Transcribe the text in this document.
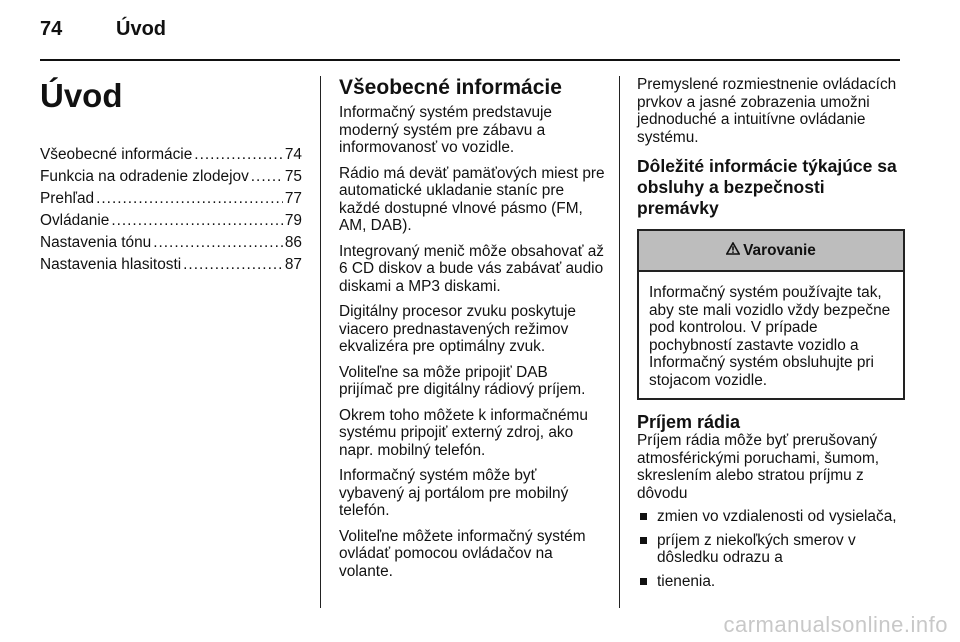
74	Úvod
Úvod
Všeobecné informácie .....	74
Funkcia na odradenie zlodejov ..... 75
Prehľad .....	77
Ovládanie .....	79
Nastavenia tónu .....	86
Nastavenia hlasitosti .....	87
Všeobecné informácie

Informačný systém predstavuje moderný systém pre zábavu a informovanosť vo vozidle.

Rádio má deväť pamäťových miest pre automatické ukladanie staníc pre každé dostupné vlnové pásmo (FM, AM, DAB).

Integrovaný menič môže obsahovať až 6 CD diskov a bude vás zabávať audio diskami a MP3 diskami.

Digitálny procesor zvuku poskytuje viacero prednastavených režimov ekvalizéra pre optimálny zvuk.

Voliteľne sa môže pripojiť DAB prijímač pre digitálny rádiový príjem.

Okrem toho môžete k informačnému systému pripojiť externý zdroj, ako napr. mobilný telefón.

Informačný systém môže byť vybavený aj portálom pre mobilný telefón.

Voliteľne môžete informačný systém ovládať pomocou ovládačov na volante.

Premyslené rozmiestnenie ovládacích prvkov a jasné zobrazenia umožni jednoduché a intuitívne ovládanie systému.

Dôležité informácie týkajúce sa obsluhy a bezpečnosti premávky
Varovanie
Informačný systém používajte tak, aby ste mali vozidlo vždy bezpečne pod kontrolou. V prípade pochybností zastavte vozidlo a Informačný systém obsluhujte pri stojacom vozidle.
Príjem rádia
Príjem rádia môže byť prerušovaný atmosférickými poruchami, šumom, skreslením alebo stratou príjmu z dôvodu
zmien vo vzdialenosti od vysielača,
príjem z niekoľkých smerov v dôsledku odrazu a
tienenia.
carmanualsonline.info
